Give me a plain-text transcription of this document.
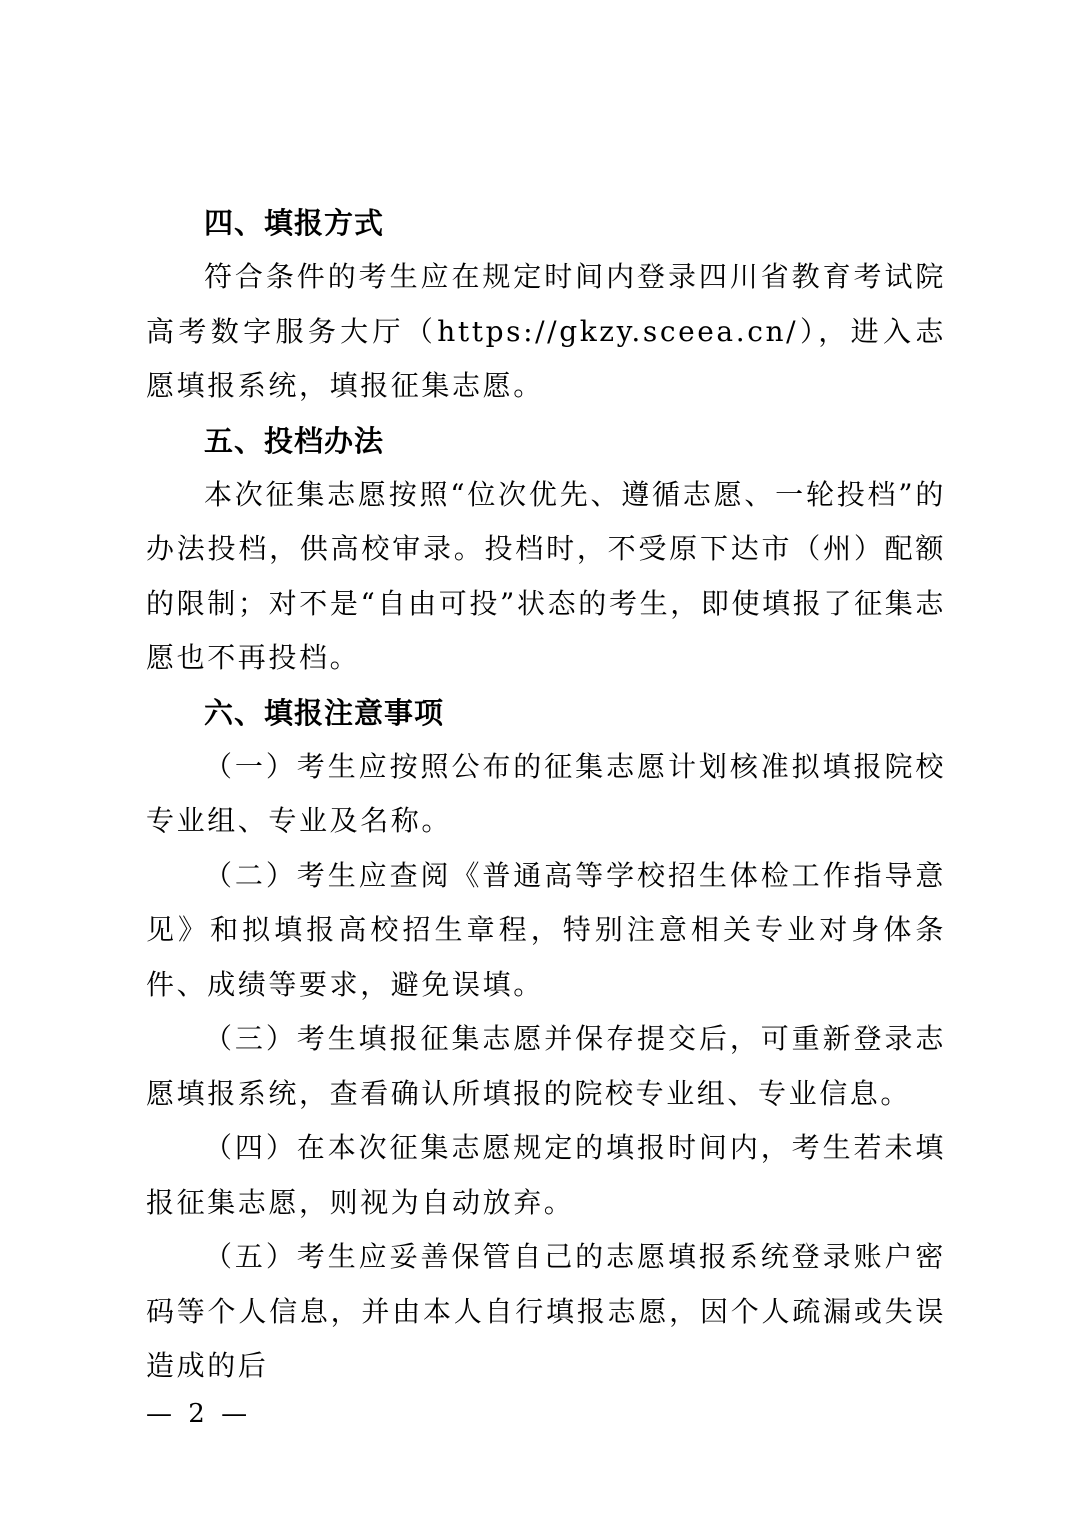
四、填报方式

符合条件的考生应在规定时间内登录四川省教育考试院高考数字服务大厅（https://gkzy.sceea.cn/），进入志愿填报系统，填报征集志愿。

五、投档办法

本次征集志愿按照“位次优先、遵循志愿、一轮投档”的办法投档，供高校审录。投档时，不受原下达市（州）配额的限制；对不是“自由可投”状态的考生，即使填报了征集志愿也不再投档。

六、填报注意事项

（一）考生应按照公布的征集志愿计划核准拟填报院校专业组、专业及名称。

（二）考生应查阅《普通高等学校招生体检工作指导意见》和拟填报高校招生章程，特别注意相关专业对身体条件、成绩等要求，避免误填。

（三）考生填报征集志愿并保存提交后，可重新登录志愿填报系统，查看确认所填报的院校专业组、专业信息。

（四）在本次征集志愿规定的填报时间内，考生若未填报征集志愿，则视为自动放弃。

（五）考生应妥善保管自己的志愿填报系统登录账户密码等个人信息，并由本人自行填报志愿，因个人疏漏或失误造成的后

— 2 —
